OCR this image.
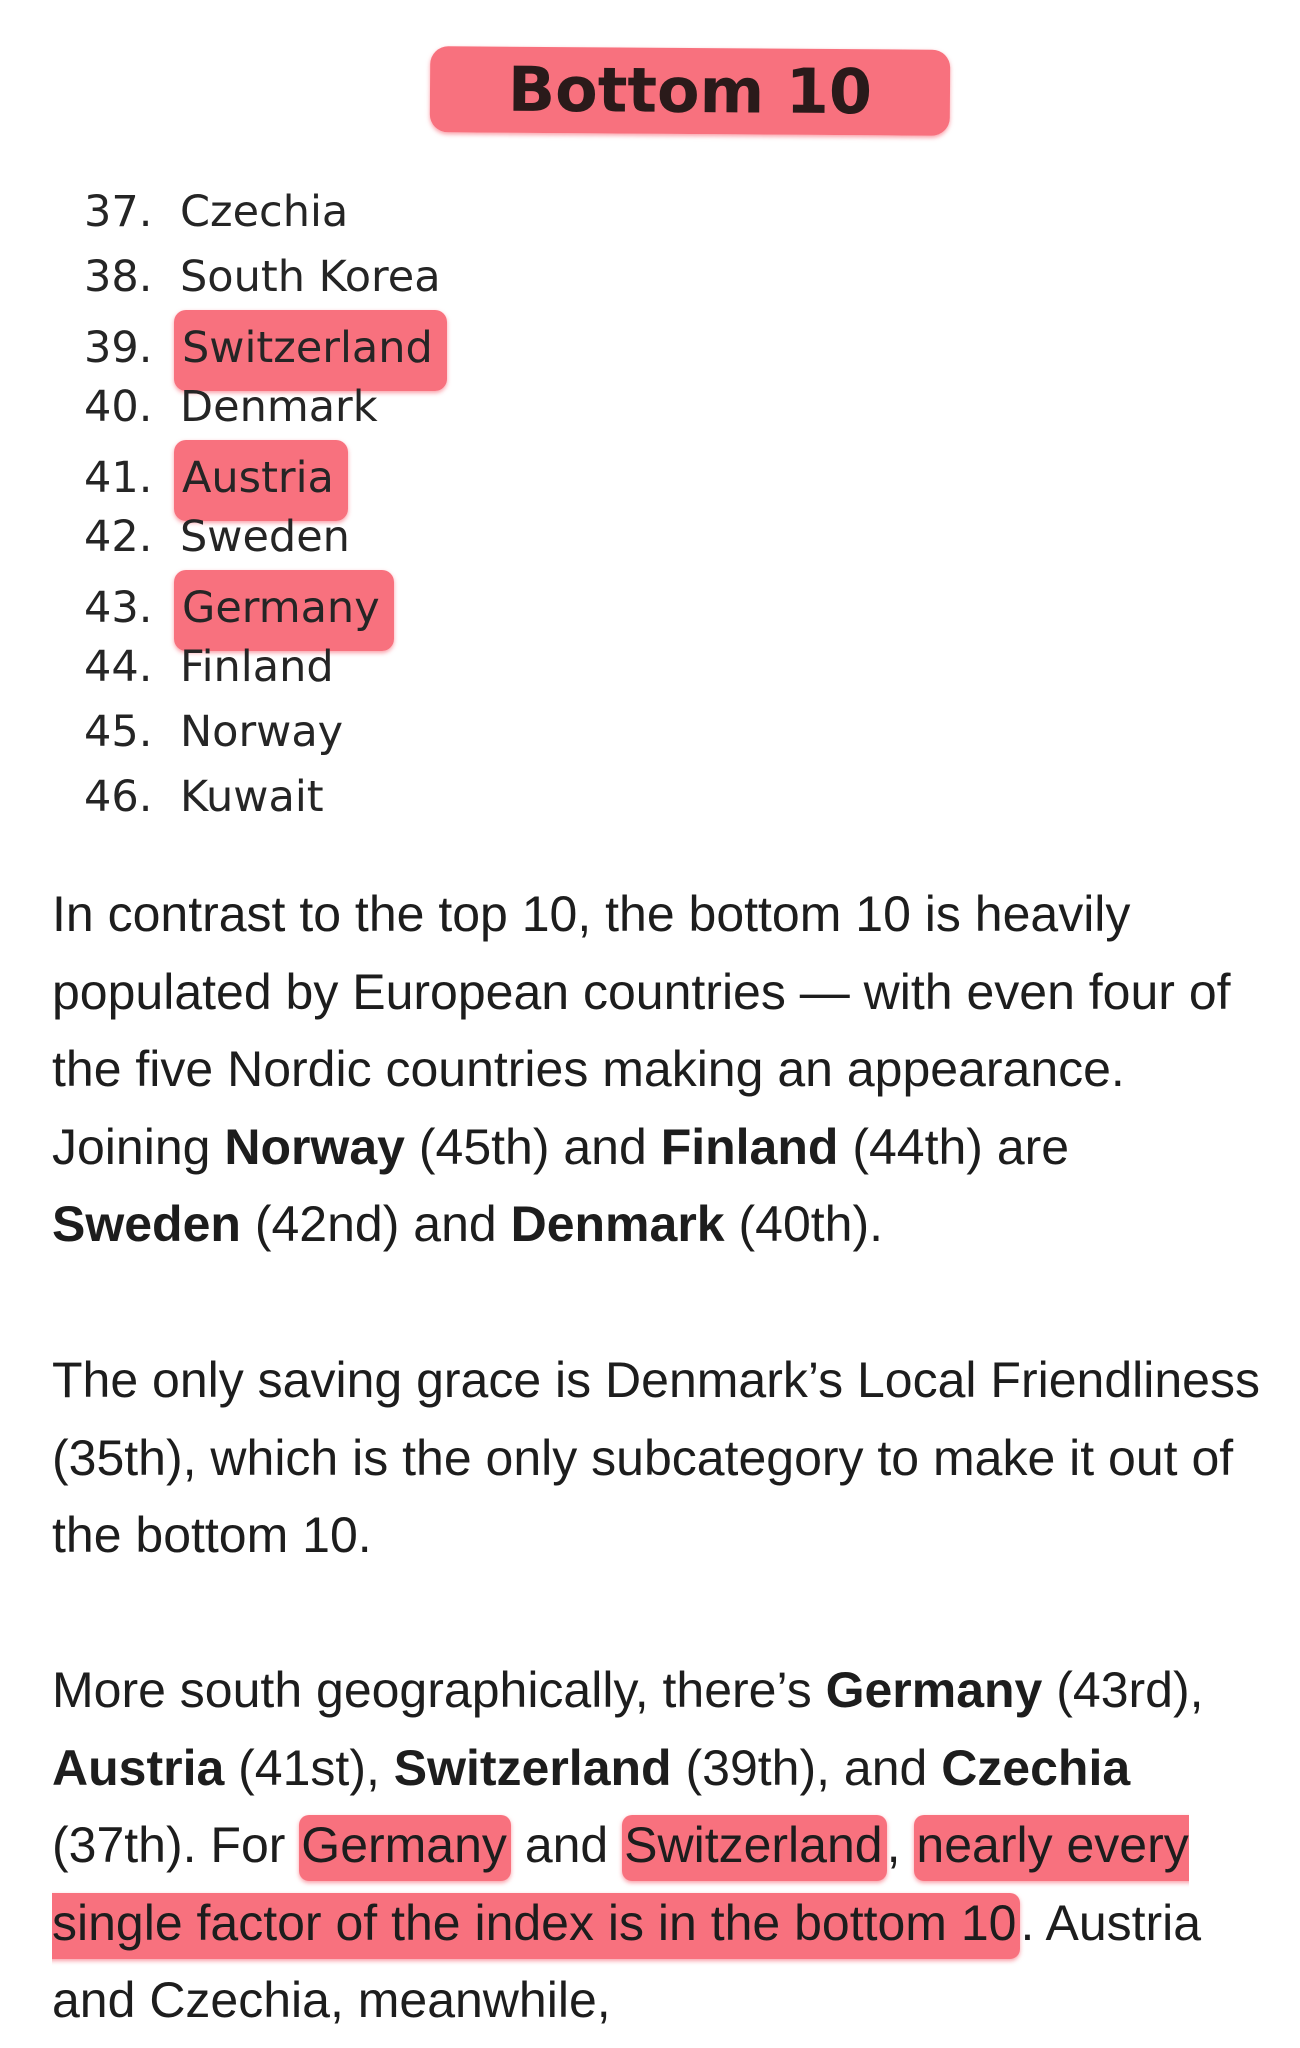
Bottom 10
37. Czechia
38. South Korea
39. Switzerland
40. Denmark
41. Austria
42. Sweden
43. Germany
44. Finland
45. Norway
46. Kuwait

In contrast to the top 10, the bottom 10 is heavily populated by European countries — with even four of the five Nordic countries making an appearance. Joining Norway (45th) and Finland (44th) are Sweden (42nd) and Denmark (40th).

The only saving grace is Denmark’s Local Friendliness (35th), which is the only subcategory to make it out of the bottom 10.

More south geographically, there’s Germany (43rd), Austria (41st), Switzerland (39th), and Czechia (37th). For Germany and Switzerland, nearly every single factor of the index is in the bottom 10. Austria and Czechia, meanwhile,
